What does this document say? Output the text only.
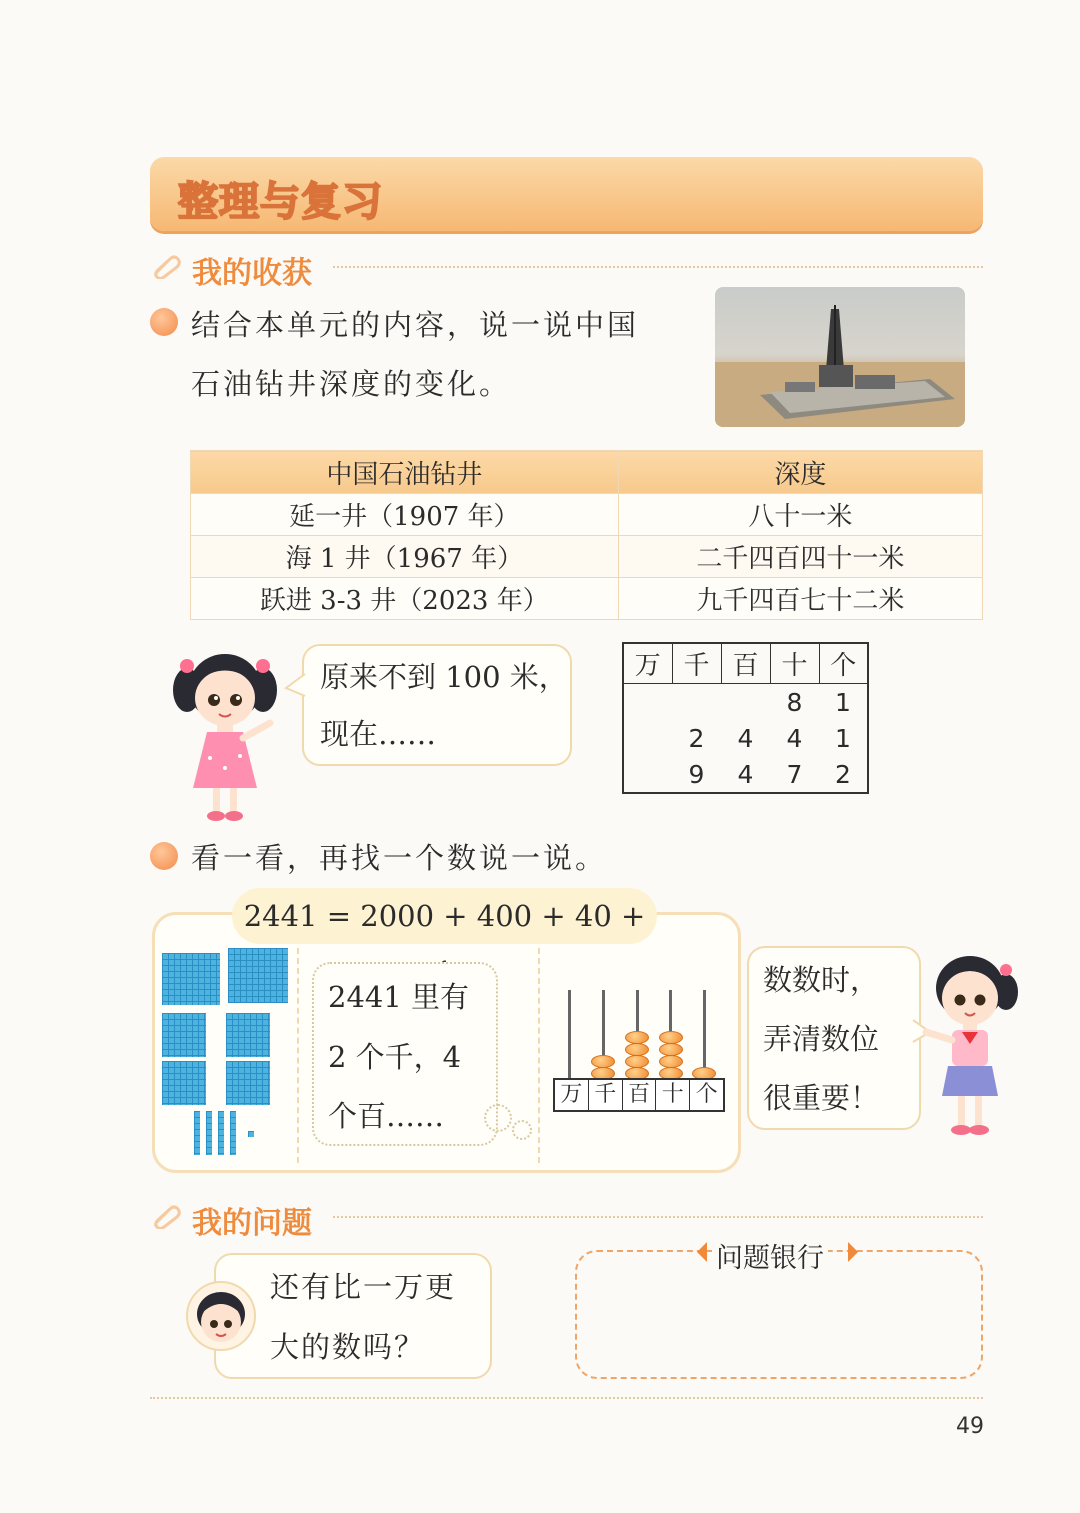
整理与复习
我的收获
结合本单元的内容，说一说中国
石油钻井深度的变化。
中国石油钻井	深度
延一井（1907 年）	八十一米
海 1 井（1967 年）	二千四百四十一米
跃进 3-3 井（2023 年）	九千四百七十二米
原来不到 100 米，
现在……
万	千	百	十	个
			8	1
	2	4	4	1
	9	4	7	2
看一看，再找一个数说一说。
2441 = 2000 + 400 + 40 +
2441 里有
2 个千，4
个百……
万 千 百 十 个
数数时，
弄清数位
很重要！
我的问题
还有比一万更
大的数吗？
问题银行
49
